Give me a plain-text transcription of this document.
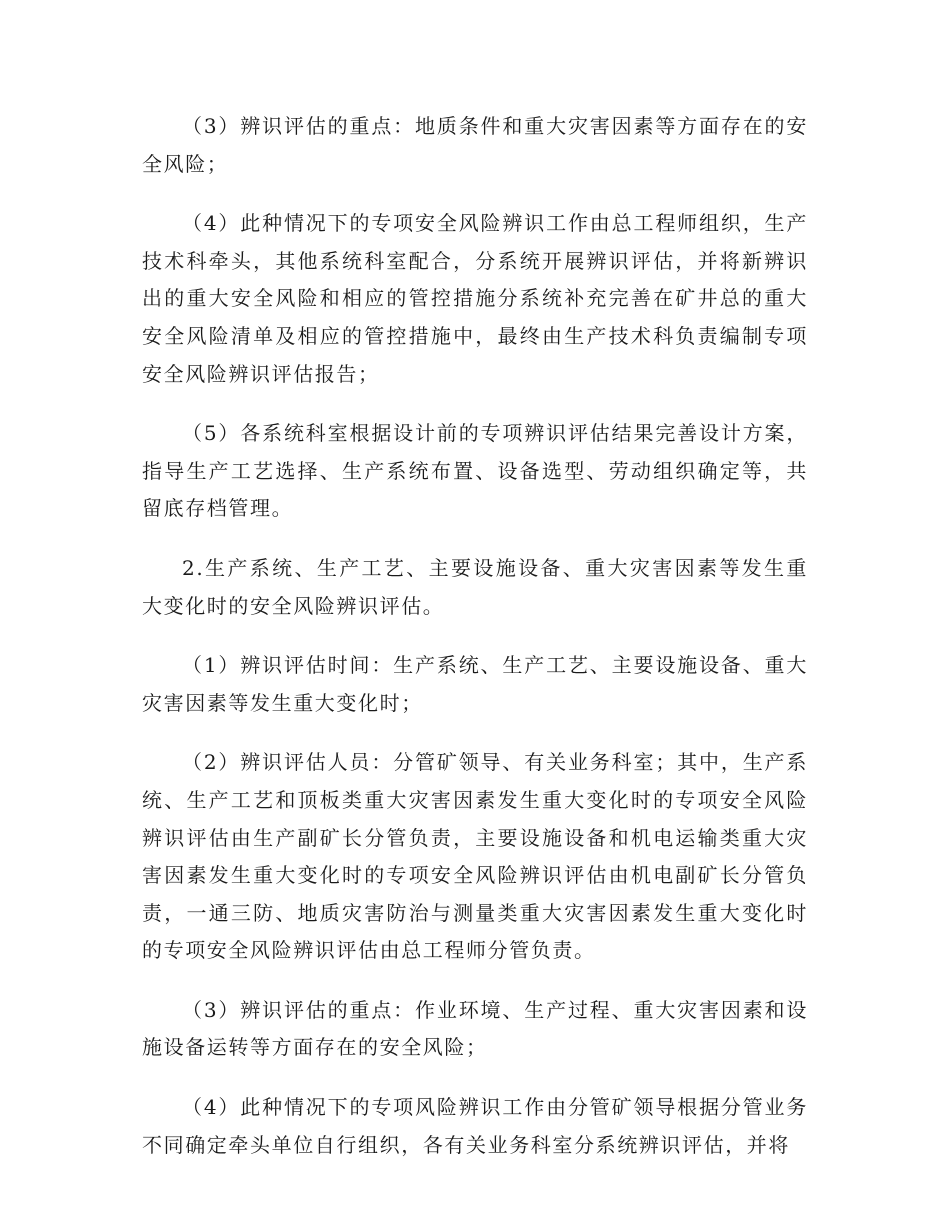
（3）辨识评估的重点：地质条件和重大灾害因素等方面存在的安全风险；

（4）此种情况下的专项安全风险辨识工作由总工程师组织，生产技术科牵头，其他系统科室配合，分系统开展辨识评估，并将新辨识出的重大安全风险和相应的管控措施分系统补充完善在矿井总的重大安全风险清单及相应的管控措施中，最终由生产技术科负责编制专项安全风险辨识评估报告；

（5）各系统科室根据设计前的专项辨识评估结果完善设计方案，指导生产工艺选择、生产系统布置、设备选型、劳动组织确定等，共留底存档管理。

2.生产系统、生产工艺、主要设施设备、重大灾害因素等发生重大变化时的安全风险辨识评估。

（1）辨识评估时间：生产系统、生产工艺、主要设施设备、重大灾害因素等发生重大变化时；

（2）辨识评估人员：分管矿领导、有关业务科室；其中，生产系统、生产工艺和顶板类重大灾害因素发生重大变化时的专项安全风险辨识评估由生产副矿长分管负责，主要设施设备和机电运输类重大灾害因素发生重大变化时的专项安全风险辨识评估由机电副矿长分管负责，一通三防、地质灾害防治与测量类重大灾害因素发生重大变化时的专项安全风险辨识评估由总工程师分管负责。

（3）辨识评估的重点：作业环境、生产过程、重大灾害因素和设施设备运转等方面存在的安全风险；

（4）此种情况下的专项风险辨识工作由分管矿领导根据分管业务不同确定牵头单位自行组织，各有关业务科室分系统辨识评估，并将
